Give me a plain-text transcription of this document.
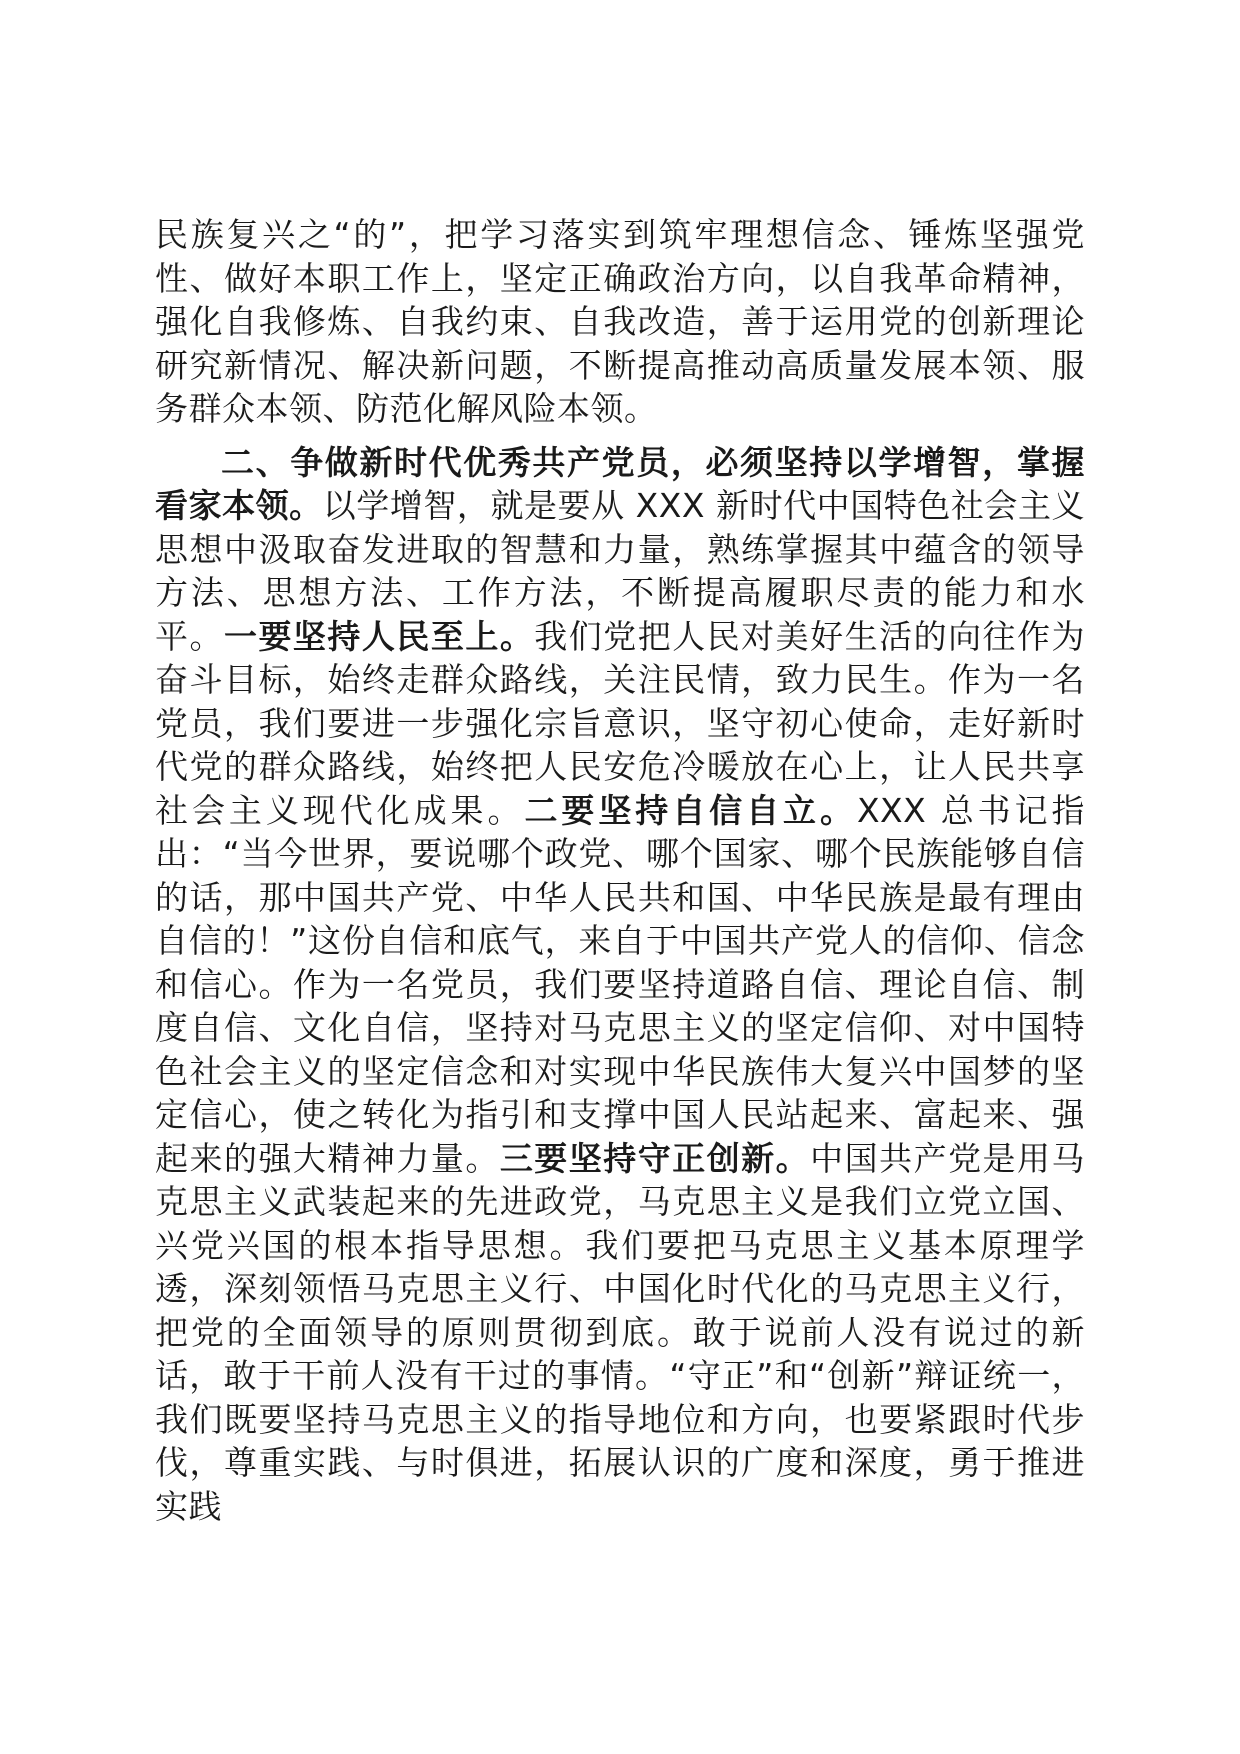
民族复兴之“的”，把学习落实到筑牢理想信念、锤炼坚强党性、做好本职工作上，坚定正确政治方向，以自我革命精神，强化自我修炼、自我约束、自我改造，善于运用党的创新理论研究新情况、解决新问题，不断提高推动高质量发展本领、服务群众本领、防范化解风险本领。

二、争做新时代优秀共产党员，必须坚持以学增智，掌握看家本领。以学增智，就是要从 XXX 新时代中国特色社会主义思想中汲取奋发进取的智慧和力量，熟练掌握其中蕴含的领导方法、思想方法、工作方法，不断提高履职尽责的能力和水平。一要坚持人民至上。我们党把人民对美好生活的向往作为奋斗目标，始终走群众路线，关注民情，致力民生。作为一名党员，我们要进一步强化宗旨意识，坚守初心使命，走好新时代党的群众路线，始终把人民安危冷暖放在心上，让人民共享社会主义现代化成果。二要坚持自信自立。XXX 总书记指出：“当今世界，要说哪个政党、哪个国家、哪个民族能够自信的话，那中国共产党、中华人民共和国、中华民族是最有理由自信的！”这份自信和底气，来自于中国共产党人的信仰、信念和信心。作为一名党员，我们要坚持道路自信、理论自信、制度自信、文化自信，坚持对马克思主义的坚定信仰、对中国特色社会主义的坚定信念和对实现中华民族伟大复兴中国梦的坚定信心，使之转化为指引和支撑中国人民站起来、富起来、强起来的强大精神力量。三要坚持守正创新。中国共产党是用马克思主义武装起来的先进政党，马克思主义是我们立党立国、兴党兴国的根本指导思想。我们要把马克思主义基本原理学透，深刻领悟马克思主义行、中国化时代化的马克思主义行，把党的全面领导的原则贯彻到底。敢于说前人没有说过的新话，敢于干前人没有干过的事情。“守正”和“创新”辩证统一，我们既要坚持马克思主义的指导地位和方向，也要紧跟时代步伐，尊重实践、与时俱进，拓展认识的广度和深度，勇于推进实践
